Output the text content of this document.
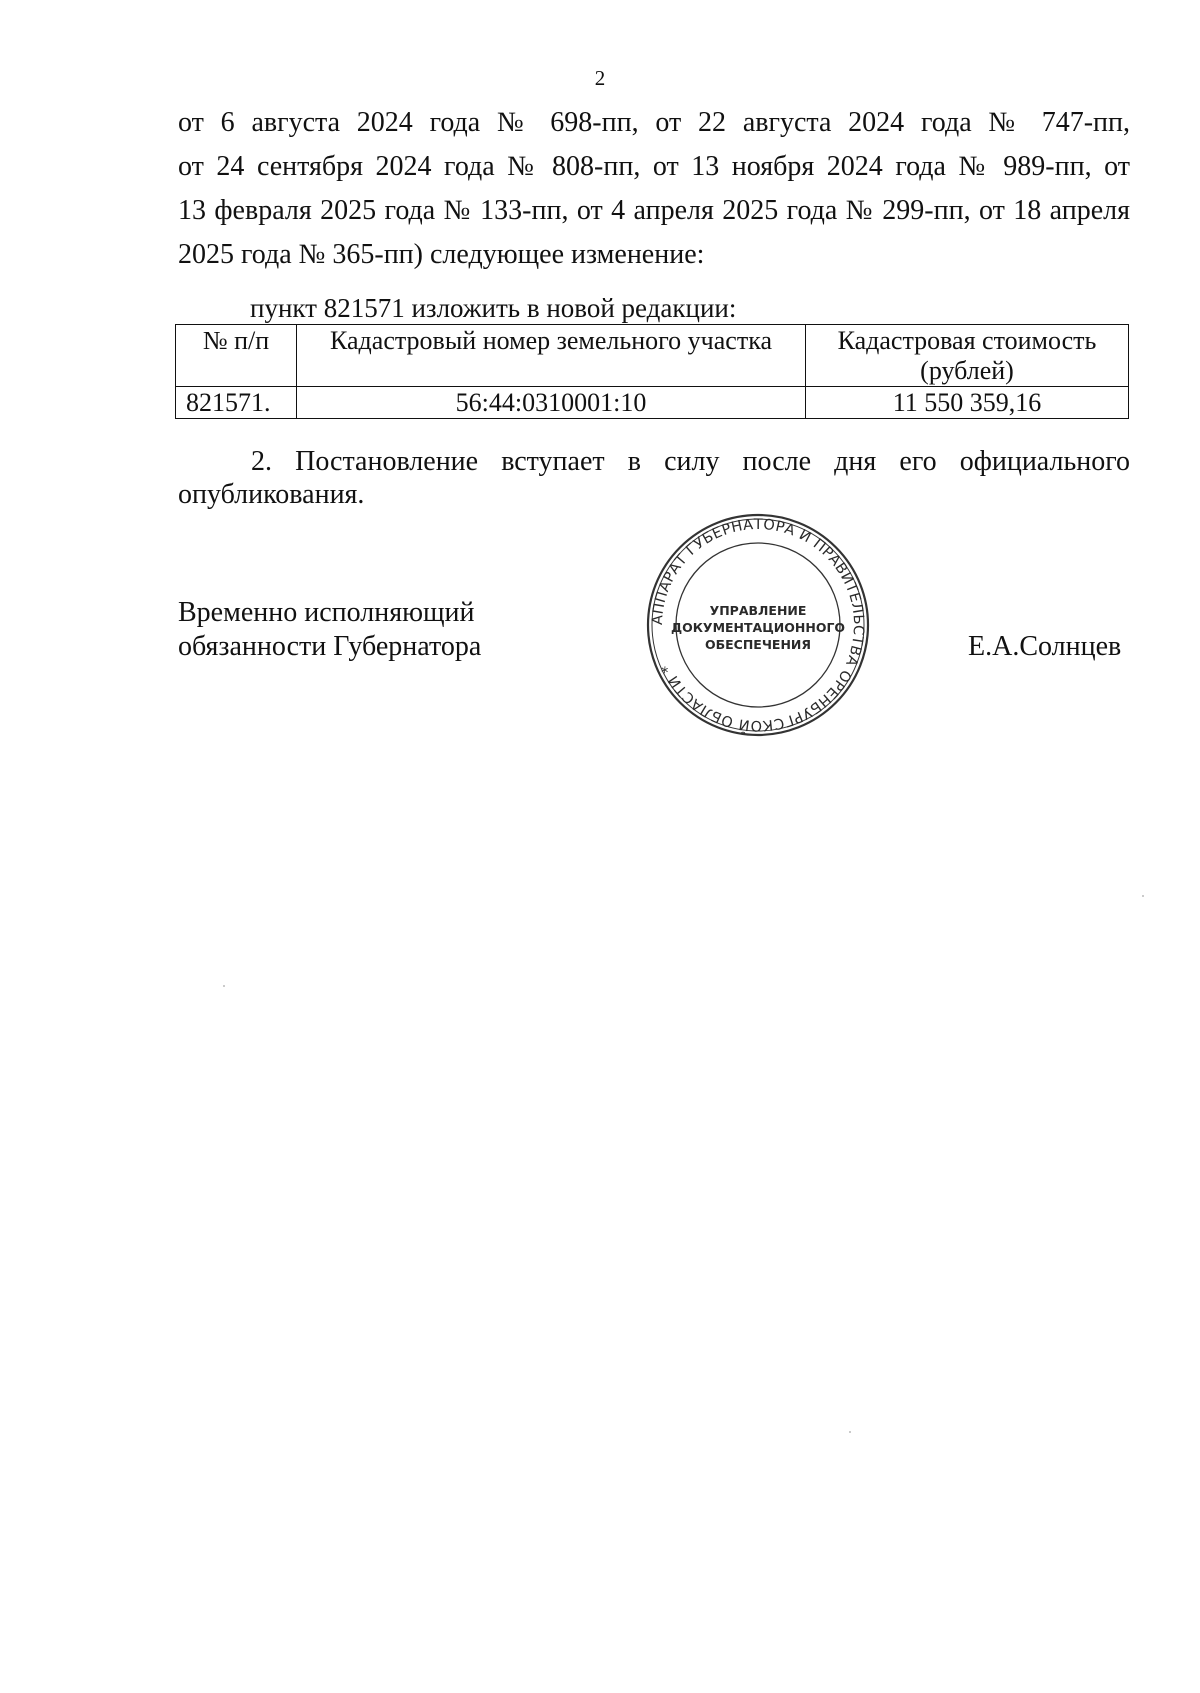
2
от 6 августа 2024 года № 698-пп, от 22 августа 2024 года № 747-пп,
от 24 сентября 2024 года № 808-пп, от 13 ноября 2024 года № 989-пп, от
13 февраля 2025 года № 133-пп, от 4 апреля 2025 года № 299-пп, от 18 апреля
2025 года № 365-пп) следующее изменение:
пункт 821571 изложить в новой редакции:
№ п/п	Кадастровый номер земельного участка	Кадастровая стоимость (рублей)
821571.	56:44:0310001:10	11 550 359,16
2. Постановление вступает в силу после дня его официального
опубликования.
Временно исполняющий
обязанности Губернатора
АППАРАТ ГУБЕРНАТОРА И ПРАВИТЕЛЬСТВА ОРЕНБУРГСКОЙ ОБЛАСТИ *
УПРАВЛЕНИЕ
ДОКУМЕНТАЦИОННОГО
ОБЕСПЕЧЕНИЯ	Е.А.Солнцев
